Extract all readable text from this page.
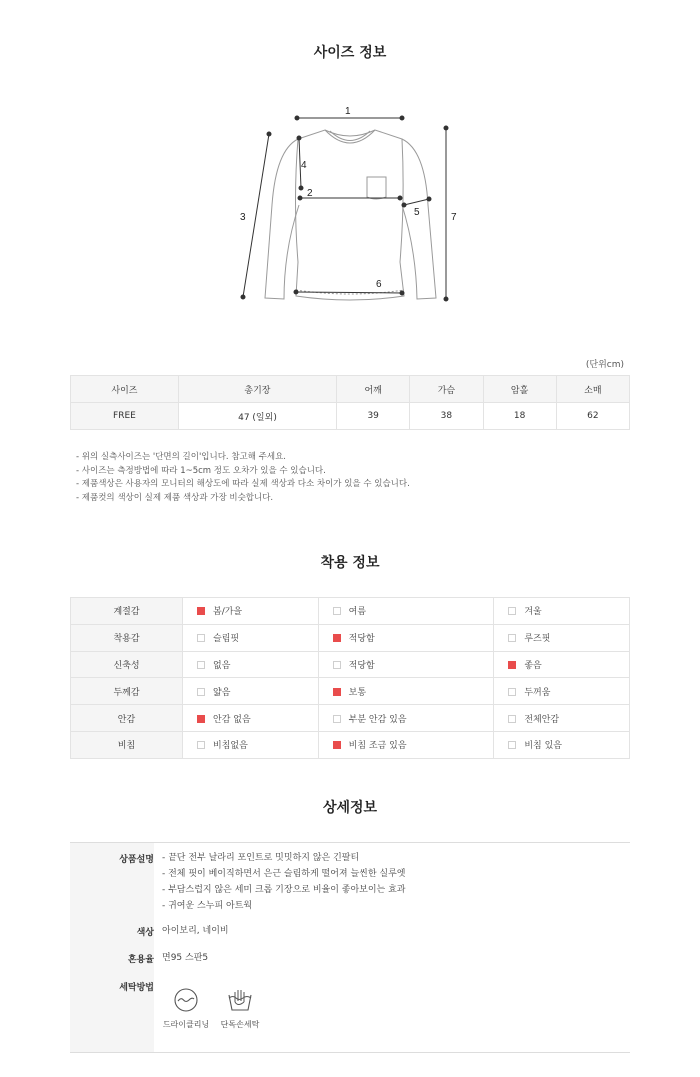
사이즈 정보
1
2
3
4
5
6
7
(단위cm)
사이즈	총기장	어깨	가슴	암홀	소매
FREE	47 (일외)	39	38	18	62
- 위의 실측사이즈는 '단면의 길이'입니다. 참고해 주세요.
- 사이즈는 측정방법에 따라 1~5cm 정도 오차가 있을 수 있습니다.
- 제품색상은 사용자의 모니터의 해상도에 따라 실제 색상과 다소 차이가 있을 수 있습니다.
- 제품컷의 색상이 실제 제품 색상과 가장 비슷합니다.
착용 정보
계절감	봄/가을	여름	겨울
착용감	슬림핏	적당함	루즈핏
신축성	없음	적당함	좋음
두께감	얇음	보통	두꺼움
안감	안감 없음	부분 안감 있음	전체안감
비침	비침없음	비침 조금 있음	비침 있음
상세정보
상품설명 - 끝단 전부 날라리 포인트로 밋밋하지 않은 긴팔티
- 전체 핏이 베이직하면서 은근 슬림하게 떨어져 늘씬한 실루엣
- 부담스럽지 않은 세미 크롭 기장으로 비율이 좋아보이는 효과
- 귀여운 스누피 아트웍
색상 아이보리, 네이비
혼용율 면95 스판5
세탁방법
드라이클리닝	단독손세탁
